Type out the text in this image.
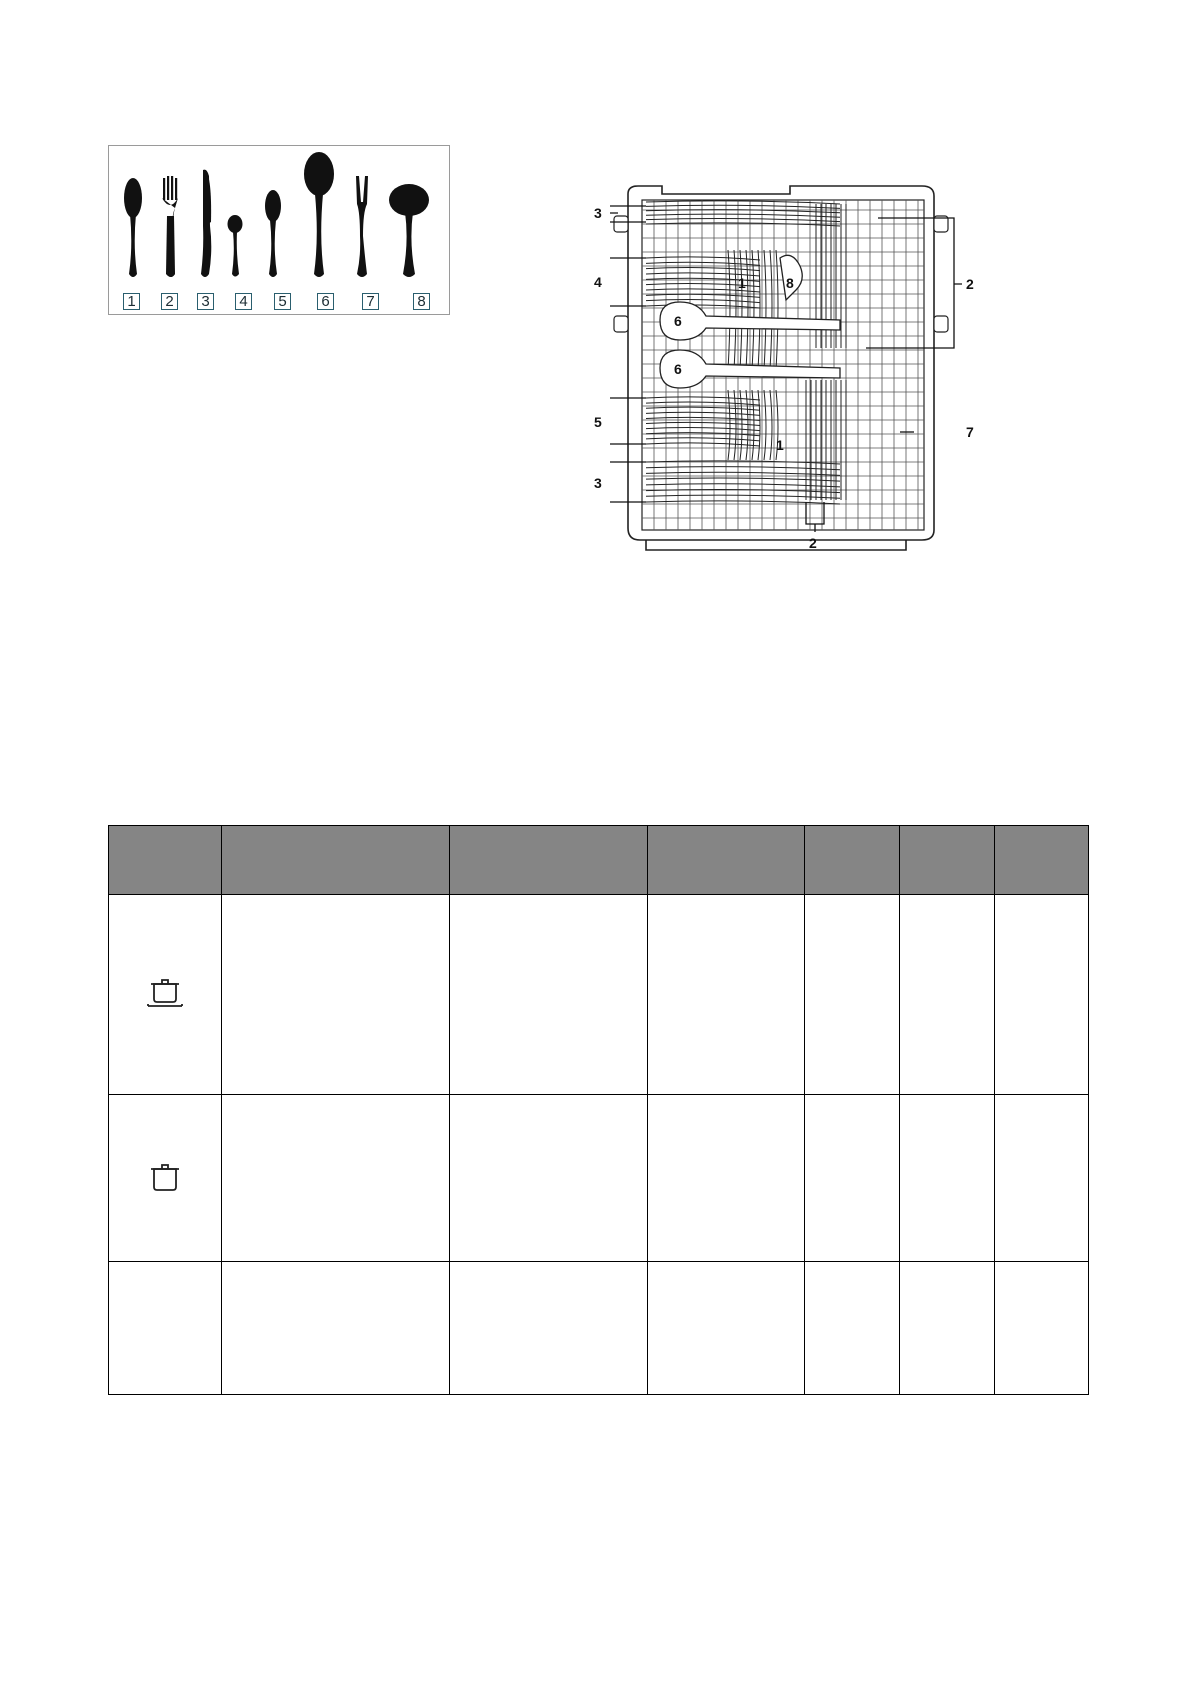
1 2 3 4 5 6 7	8
3
4
6
6
5
3
2
7
2
1	8
1
